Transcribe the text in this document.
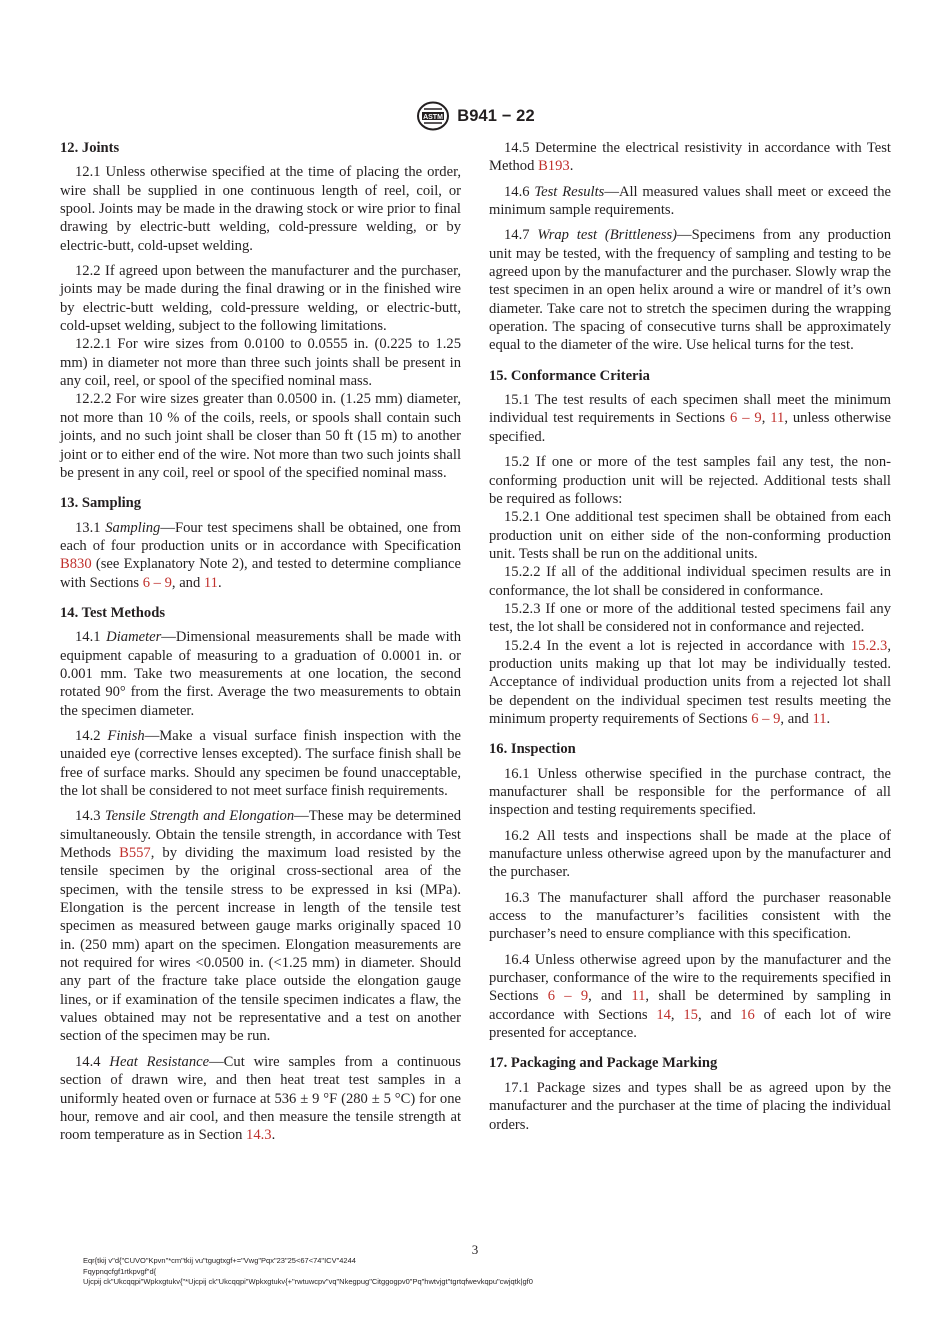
ASTM B941 − 22
12. Joints

12.1 Unless otherwise specified at the time of placing the order, wire shall be supplied in one continuous length of reel, coil, or spool. Joints may be made in the drawing stock or wire prior to final drawing by electric-butt welding, cold-pressure welding, or by electric-butt, cold-upset welding.

12.2 If agreed upon between the manufacturer and the purchaser, joints may be made during the final drawing or in the finished wire by electric-butt welding, cold-pressure welding, or electric-butt, cold-upset welding, subject to the following limitations.

12.2.1 For wire sizes from 0.0100 to 0.0555 in. (0.225 to 1.25 mm) in diameter not more than three such joints shall be present in any coil, reel, or spool of the specified nominal mass.

12.2.2 For wire sizes greater than 0.0500 in. (1.25 mm) diameter, not more than 10 % of the coils, reels, or spools shall contain such joints, and no such joint shall be closer than 50 ft (15 m) to another joint or to either end of the wire. Not more than two such joints shall be present in any coil, reel or spool of the specified nominal mass.

13. Sampling

13.1 Sampling—Four test specimens shall be obtained, one from each of four production units or in accordance with Specification B830 (see Explanatory Note 2), and tested to determine compliance with Sections 6 – 9, and 11.

14. Test Methods

14.1 Diameter—Dimensional measurements shall be made with equipment capable of measuring to a graduation of 0.0001 in. or 0.001 mm. Take two measurements at one location, the second rotated 90° from the first. Average the two measurements to obtain the specimen diameter.

14.2 Finish—Make a visual surface finish inspection with the unaided eye (corrective lenses excepted). The surface finish shall be free of surface marks. Should any specimen be found unacceptable, the lot shall be considered to not meet surface finish requirements.

14.3 Tensile Strength and Elongation—These may be determined simultaneously. Obtain the tensile strength, in accordance with Test Methods B557, by dividing the maximum load resisted by the tensile specimen by the original cross-sectional area of the specimen, with the tensile stress to be expressed in ksi (MPa). Elongation is the percent increase in length of the tensile test specimen as measured between gauge marks originally spaced 10 in. (250 mm) apart on the specimen. Elongation measurements are not required for wires <0.0500 in. (<1.25 mm) in diameter. Should any part of the fracture take place outside the elongation gauge lines, or if examination of the tensile specimen indicates a flaw, the values obtained may not be representative and a test on another section of the specimen may be run.

14.4 Heat Resistance—Cut wire samples from a continuous section of drawn wire, and then heat treat test samples in a uniformly heated oven or furnace at 536 ± 9 °F (280 ± 5 °C) for one hour, remove and air cool, and then measure the tensile strength at room temperature as in Section 14.3.

14.5 Determine the electrical resistivity in accordance with Test Method B193.

14.6 Test Results—All measured values shall meet or exceed the minimum sample requirements.

14.7 Wrap test (Brittleness)—Specimens from any production unit may be tested, with the frequency of sampling and testing to be agreed upon by the manufacturer and the purchaser. Slowly wrap the test specimen in an open helix around a wire or mandrel of it’s own diameter. Take care not to stretch the specimen during the wrapping operation. The spacing of consecutive turns shall be approximately equal to the diameter of the wire. Use helical turns for the test.

15. Conformance Criteria

15.1 The test results of each specimen shall meet the minimum individual test requirements in Sections 6 – 9, 11, unless otherwise specified.

15.2 If one or more of the test samples fail any test, the non-conforming production unit will be rejected. Additional tests shall be required as follows:

15.2.1 One additional test specimen shall be obtained from each production unit on either side of the non-conforming production unit. Tests shall be run on the additional units.

15.2.2 If all of the additional individual specimen results are in conformance, the lot shall be considered in conformance.

15.2.3 If one or more of the additional tested specimens fail any test, the lot shall be considered not in conformance and rejected.

15.2.4 In the event a lot is rejected in accordance with 15.2.3, production units making up that lot may be individually tested. Acceptance of individual production units from a rejected lot shall be dependent on the individual specimen test results meeting the minimum property requirements of Sections 6 – 9, and 11.

16. Inspection

16.1 Unless otherwise specified in the purchase contract, the manufacturer shall be responsible for the performance of all inspection and testing requirements specified.

16.2 All tests and inspections shall be made at the place of manufacture unless otherwise agreed upon by the manufacturer and the purchaser.

16.3 The manufacturer shall afford the purchaser reasonable access to the manufacturer’s facilities consistent with the purchaser’s need to ensure compliance with this specification.

16.4 Unless otherwise agreed upon by the manufacturer and the purchaser, conformance of the wire to the requirements specified in Sections 6 – 9, and 11, shall be determined by sampling in accordance with Sections 14, 15, and 16 of each lot of wire presented for acceptance.

17. Packaging and Package Marking

17.1 Package sizes and types shall be as agreed upon by the manufacturer and the purchaser at the time of placing the individual orders.

3
Eqr{tkij v"d{"CUVO"Kpvn"*cm"tkij vu"tgugtxgf+="Vwg"Pqx"23"25<67<74"ICV"4244
Fqypnqcfgf1rtkpvgf"d{
Ujcpij ck"Ukcqqpi"Wpkxgtukv{"*Ujcpij ck"Ukcqqpi"Wpkxgtukv{+"rwtuwcpv"vq"Nkegpug"Citggogpv0"Pq"hwtvjgt"tgrtqfwevkqpu"cwjqtk|gf0
